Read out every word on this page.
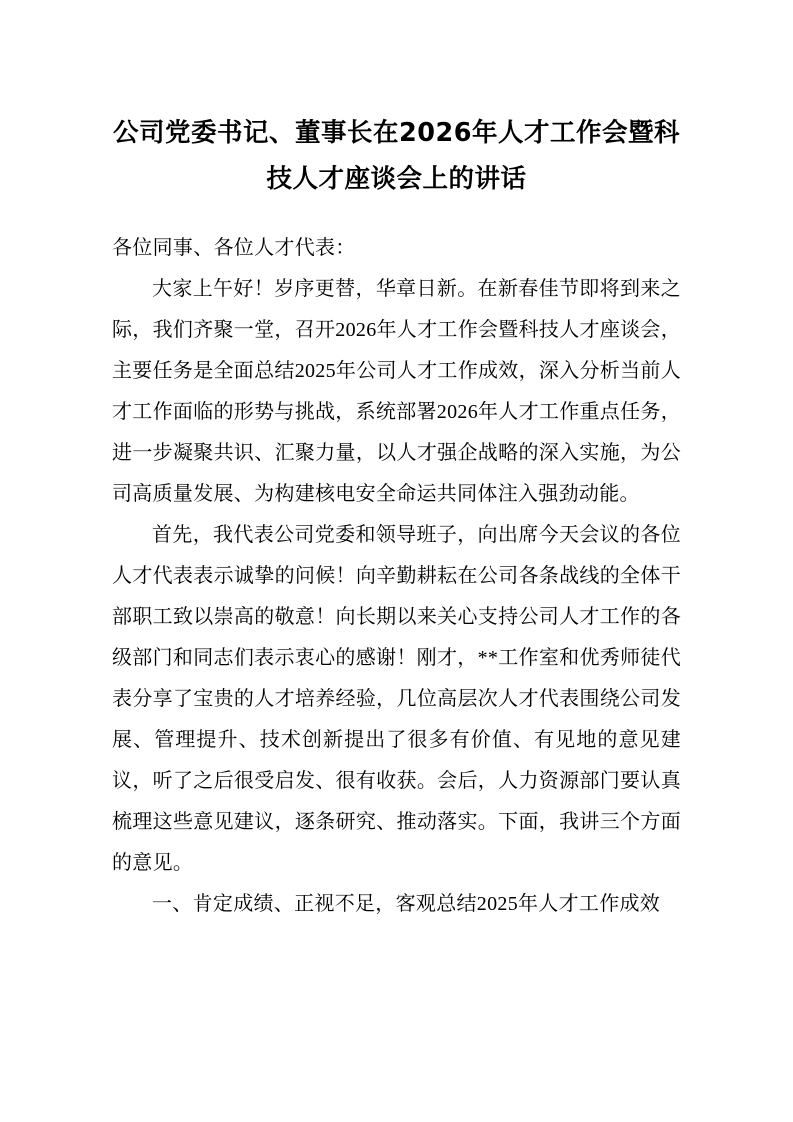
公司党委书记、董事长在2026年人才工作会暨科技人才座谈会上的讲话

各位同事、各位人才代表：

大家上午好！岁序更替，华章日新。在新春佳节即将到来之际，我们齐聚一堂，召开2026年人才工作会暨科技人才座谈会，主要任务是全面总结2025年公司人才工作成效，深入分析当前人才工作面临的形势与挑战，系统部署2026年人才工作重点任务，进一步凝聚共识、汇聚力量，以人才强企战略的深入实施，为公司高质量发展、为构建核电安全命运共同体注入强劲动能。

首先，我代表公司党委和领导班子，向出席今天会议的各位人才代表表示诚挚的问候！向辛勤耕耘在公司各条战线的全体干部职工致以崇高的敬意！向长期以来关心支持公司人才工作的各级部门和同志们表示衷心的感谢！刚才，**工作室和优秀师徒代表分享了宝贵的人才培养经验，几位高层次人才代表围绕公司发展、管理提升、技术创新提出了很多有价值、有见地的意见建议，听了之后很受启发、很有收获。会后，人力资源部门要认真梳理这些意见建议，逐条研究、推动落实。下面，我讲三个方面的意见。

一、肯定成绩、正视不足，客观总结2025年人才工作成效
